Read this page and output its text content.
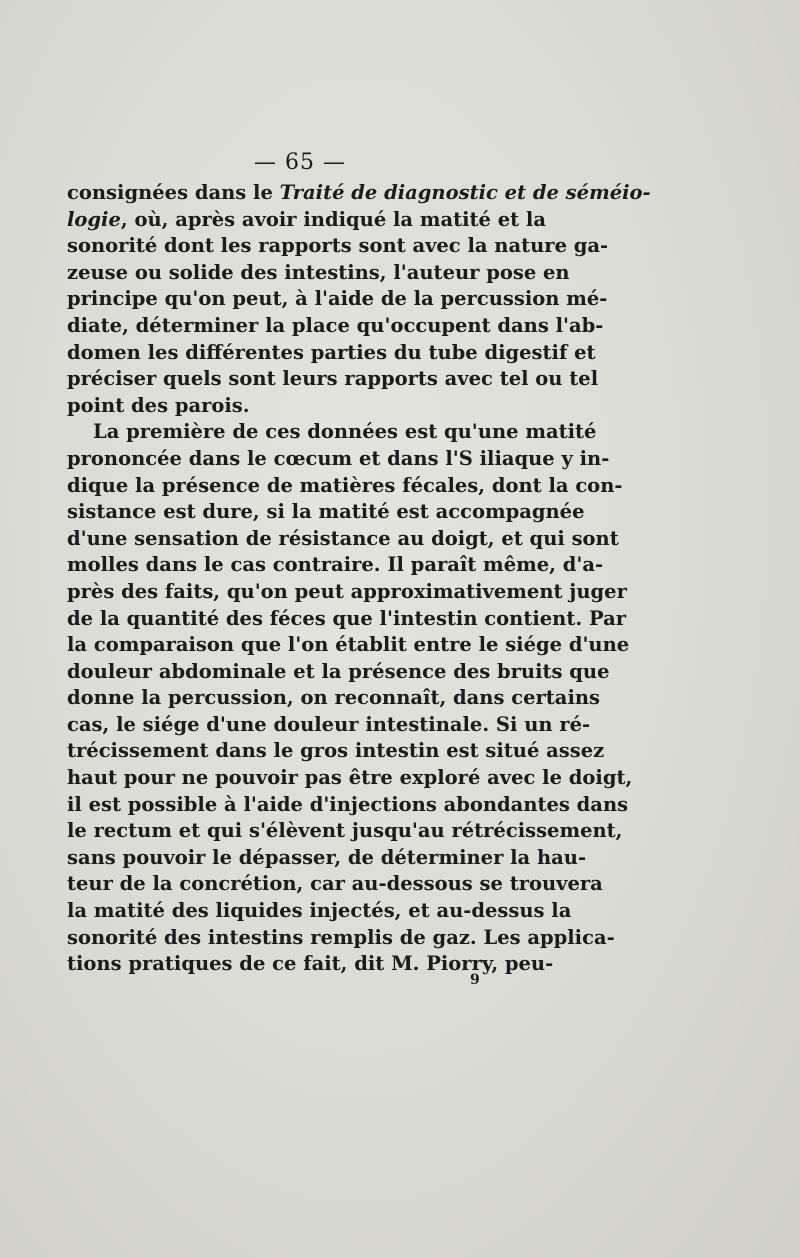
— 65 —
consignées dans le Traité de diagnostic et de séméio-
logie, où, après avoir indiqué la matité et la
sonorité dont les rapports sont avec la nature ga-
zeuse ou solide des intestins, l'auteur pose en
principe qu'on peut, à l'aide de la percussion mé-
diate, déterminer la place qu'occupent dans l'ab-
domen les différentes parties du tube digestif et
préciser quels sont leurs rapports avec tel ou tel
point des parois.
La première de ces données est qu'une matité
prononcée dans le cœcum et dans l'S iliaque y in-
dique la présence de matières fécales, dont la con-
sistance est dure, si la matité est accompagnée
d'une sensation de résistance au doigt, et qui sont
molles dans le cas contraire. Il paraît même, d'a-
près des faits, qu'on peut approximativement juger
de la quantité des féces que l'intestin contient. Par
la comparaison que l'on établit entre le siége d'une
douleur abdominale et la présence des bruits que
donne la percussion, on reconnaît, dans certains
cas, le siége d'une douleur intestinale. Si un ré-
trécissement dans le gros intestin est situé assez
haut pour ne pouvoir pas être exploré avec le doigt,
il est possible à l'aide d'injections abondantes dans
le rectum et qui s'élèvent jusqu'au rétrécissement,
sans pouvoir le dépasser, de déterminer la hau-
teur de la concrétion, car au-dessous se trouvera
la matité des liquides injectés, et au-dessus la
sonorité des intestins remplis de gaz. Les applica-
tions pratiques de ce fait, dit M. Piorry, peu-
9
